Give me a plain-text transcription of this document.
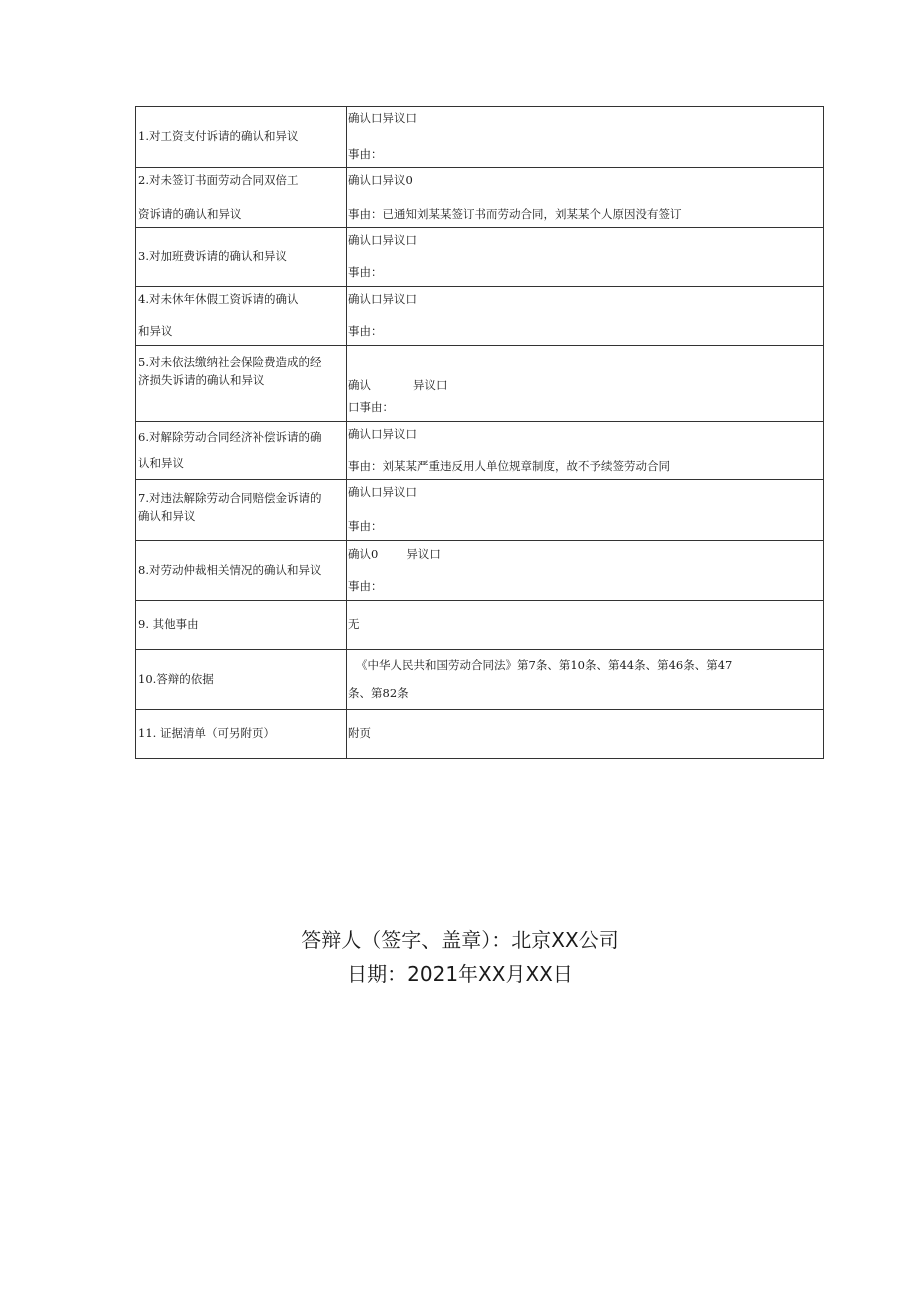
1.对工资支付诉请的确认和异议	确认口异议口
事由：

2.对未签订书面劳动合同双倍工
资诉请的确认和异议	确认口异议0
事由：已通知刘某某签订书而劳动合同，刘某某个人原因没有签订

3.对加班费诉请的确认和异议	确认口异议口
事由：

4.对未休年休假工资诉请的确认
和异议	确认口异议口
事由：

5.对未依法缴纳社会保险费造成的经
济损失诉请的确认和异议	确认 异议口
口事由：

6.对解除劳动合同经济补偿诉请的确
认和异议	确认口异议口
事由：刘某某严重违反用人单位规章制度，故不予续签劳动合同

7.对违法解除劳动合同赔偿金诉请的
确认和异议	确认口异议口
事由：

8.对劳动仲裁相关情况的确认和异议	确认0 异议口
事由：

9. 其他事由	无

10.答辩的依据	《中华人民共和国劳动合同法》第7条、第10条、第44条、第46条、第47
条、第82条

11. 证据清单（可另附页）	附页
答辩人（签字、盖章）：北京XX公司
日期：2021年XX月XX日
